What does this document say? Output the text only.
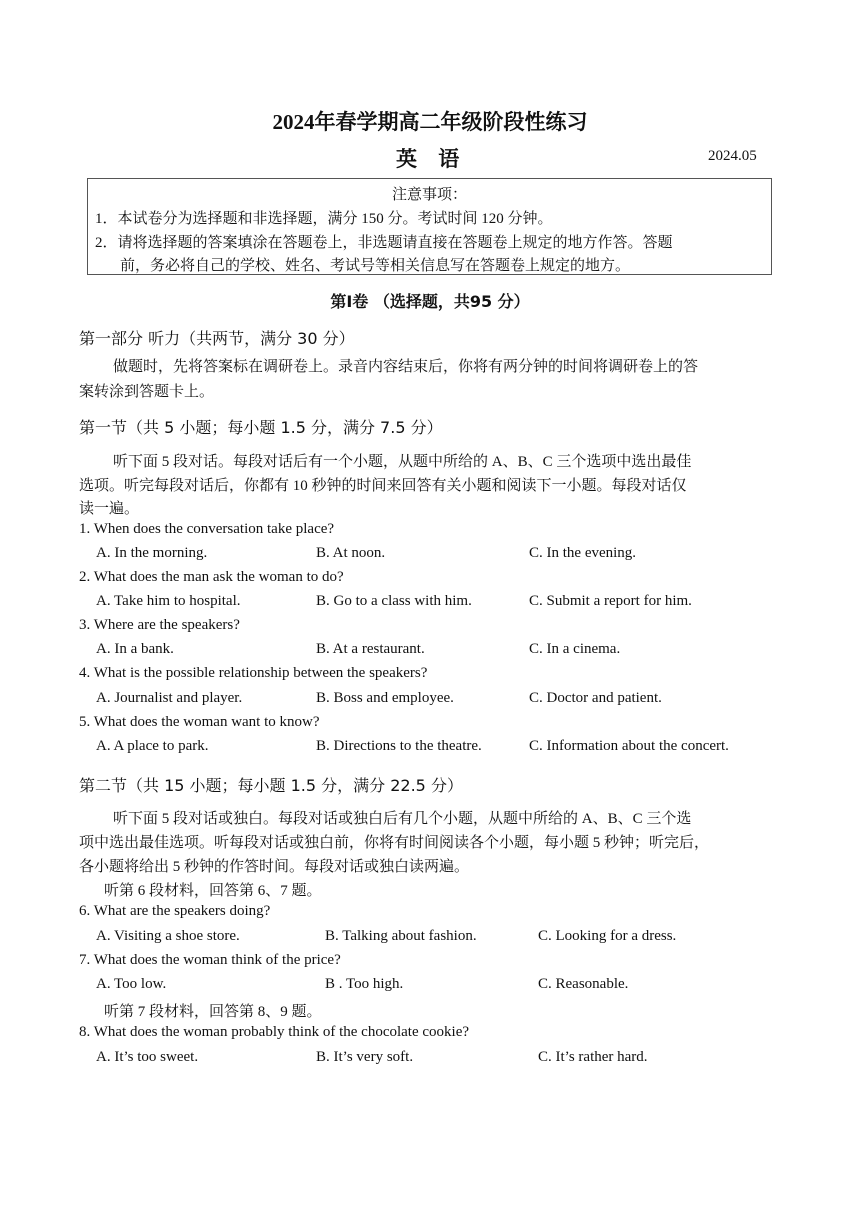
2024年春学期高二年级阶段性练习
英 语	2024.05
注意事项：
1．本试卷分为选择题和非选择题，满分 150 分。考试时间 120 分钟。
2．请将选择题的答案填涂在答题卷上，非选题请直接在答题卷上规定的地方作答。答题
前，务必将自己的学校、姓名、考试号等相关信息写在答题卷上规定的地方。
第Ⅰ卷 （选择题，共95 分）
第一部分 听力（共两节，满分 30 分）
做题时，先将答案标在调研卷上。录音内容结束后，你将有两分钟的时间将调研卷上的答
案转涂到答题卡上。
第一节（共 5 小题；每小题 1.5 分，满分 7.5 分）
听下面 5 段对话。每段对话后有一个小题，从题中所给的 A、B、C 三个选项中选出最佳
选项。听完每段对话后，你都有 10 秒钟的时间来回答有关小题和阅读下一小题。每段对话仅
读一遍。
1. When does the conversation take place?
A. In the morning.	B. At noon.	C. In the evening.
2. What does the man ask the woman to do?
A. Take him to hospital.	B. Go to a class with him.	C. Submit a report for him.
3. Where are the speakers?
A. In a bank.	B. At a restaurant.	C. In a cinema.
4. What is the possible relationship between the speakers?
A. Journalist and player.	B. Boss and employee.	C. Doctor and patient.
5. What does the woman want to know?
A. A place to park.	B. Directions to the theatre.	C. Information about the concert.
第二节（共 15 小题；每小题 1.5 分，满分 22.5 分）
听下面 5 段对话或独白。每段对话或独白后有几个小题，从题中所给的 A、B、C 三个选
项中选出最佳选项。听每段对话或独白前，你将有时间阅读各个小题，每小题 5 秒钟；听完后，
各小题将给出 5 秒钟的作答时间。每段对话或独白读两遍。
听第 6 段材料，回答第 6、7 题。
6. What are the speakers doing?
A. Visiting a shoe store.	B. Talking about fashion.	C. Looking for a dress.
7. What does the woman think of the price?
A. Too low.	B . Too high.	C. Reasonable.
听第 7 段材料，回答第 8、9 题。
8. What does the woman probably think of the chocolate cookie?
A. It’s too sweet.	B. It’s very soft.	C. It’s rather hard.
